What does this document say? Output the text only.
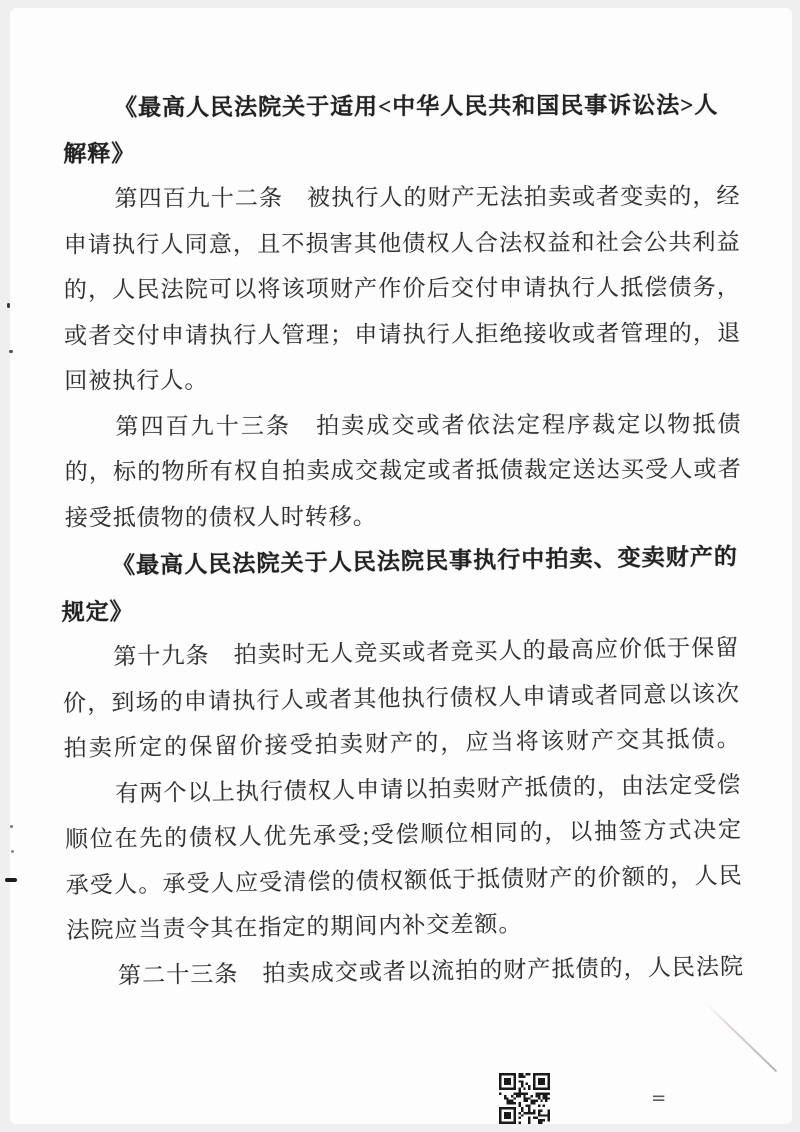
《最高人民法院关于适用<中华人民共和国民事诉讼法>人
解释》
第四百九十二条　被执行人的财产无法拍卖或者变卖的，经
申请执行人同意，且不损害其他债权人合法权益和社会公共利益
的，人民法院可以将该项财产作价后交付申请执行人抵偿债务，
或者交付申请执行人管理；申请执行人拒绝接收或者管理的，退
回被执行人。
第四百九十三条　拍卖成交或者依法定程序裁定以物抵债
的，标的物所有权自拍卖成交裁定或者抵债裁定送达买受人或者
接受抵债物的债权人时转移。
《最高人民法院关于人民法院民事执行中拍卖、变卖财产的
规定》
第十九条　拍卖时无人竞买或者竞买人的最高应价低于保留
价，到场的申请执行人或者其他执行债权人申请或者同意以该次
拍卖所定的保留价接受拍卖财产的，应当将该财产交其抵债。
有两个以上执行债权人申请以拍卖财产抵债的，由法定受偿
顺位在先的债权人优先承受;受偿顺位相同的，以抽签方式决定
承受人。承受人应受清偿的债权额低于抵债财产的价额的，人民
法院应当责令其在指定的期间内补交差额。
第二十三条　拍卖成交或者以流拍的财产抵债的，人民法院
=
